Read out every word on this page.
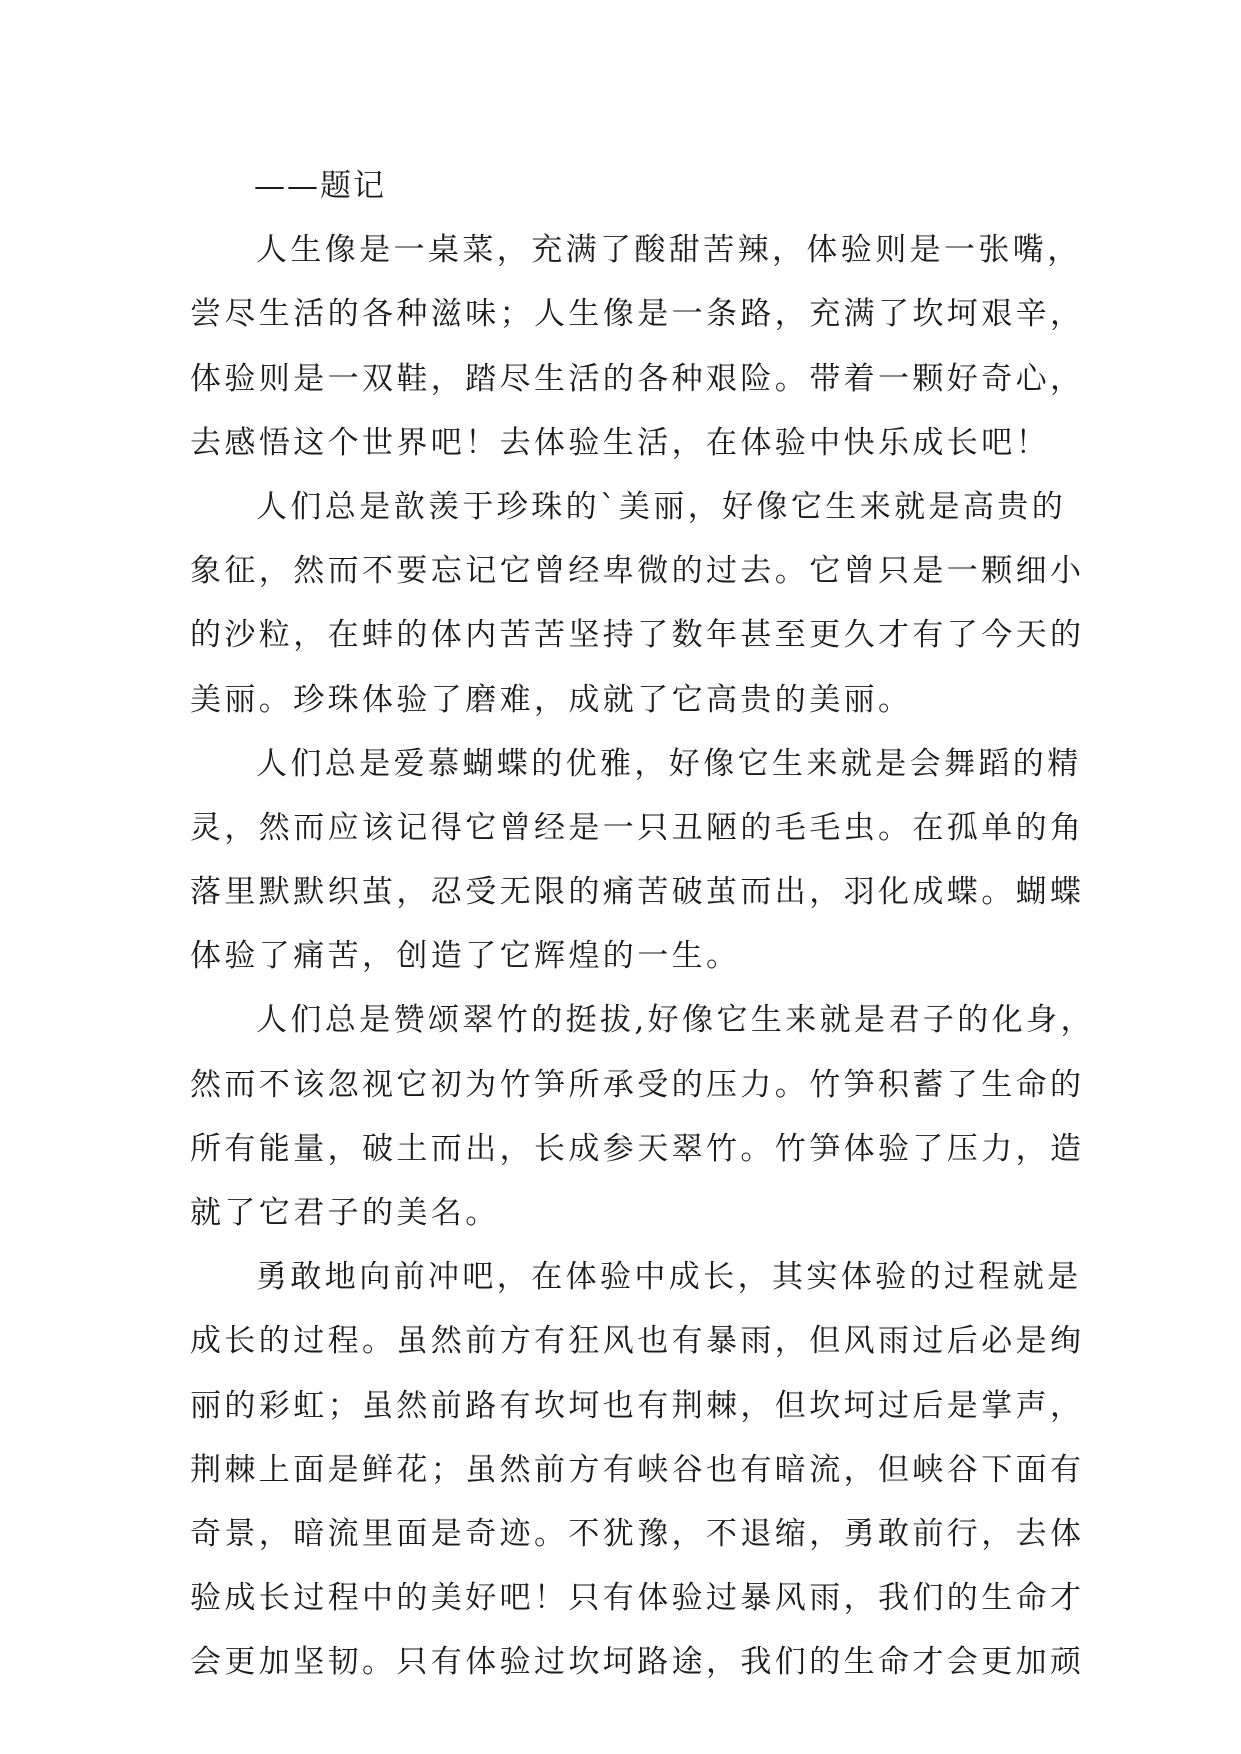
——题记
人生像是一桌菜，充满了酸甜苦辣，体验则是一张嘴，
尝尽生活的各种滋味；人生像是一条路，充满了坎坷艰辛，
体验则是一双鞋，踏尽生活的各种艰险。带着一颗好奇心，
去感悟这个世界吧！去体验生活，在体验中快乐成长吧！
人们总是歆羡于珍珠的`美丽，好像它生来就是高贵的
象征，然而不要忘记它曾经卑微的过去。它曾只是一颗细小
的沙粒，在蚌的体内苦苦坚持了数年甚至更久才有了今天的
美丽。珍珠体验了磨难，成就了它高贵的美丽。
人们总是爱慕蝴蝶的优雅，好像它生来就是会舞蹈的精
灵，然而应该记得它曾经是一只丑陋的毛毛虫。在孤单的角
落里默默织茧，忍受无限的痛苦破茧而出，羽化成蝶。蝴蝶
体验了痛苦，创造了它辉煌的一生。
人们总是赞颂翠竹的挺拔,好像它生来就是君子的化身，
然而不该忽视它初为竹笋所承受的压力。竹笋积蓄了生命的
所有能量，破土而出，长成参天翠竹。竹笋体验了压力，造
就了它君子的美名。
勇敢地向前冲吧，在体验中成长，其实体验的过程就是
成长的过程。虽然前方有狂风也有暴雨，但风雨过后必是绚
丽的彩虹；虽然前路有坎坷也有荆棘，但坎坷过后是掌声，
荆棘上面是鲜花；虽然前方有峡谷也有暗流，但峡谷下面有
奇景，暗流里面是奇迹。不犹豫，不退缩，勇敢前行，去体
验成长过程中的美好吧！只有体验过暴风雨，我们的生命才
会更加坚韧。只有体验过坎坷路途，我们的生命才会更加顽
